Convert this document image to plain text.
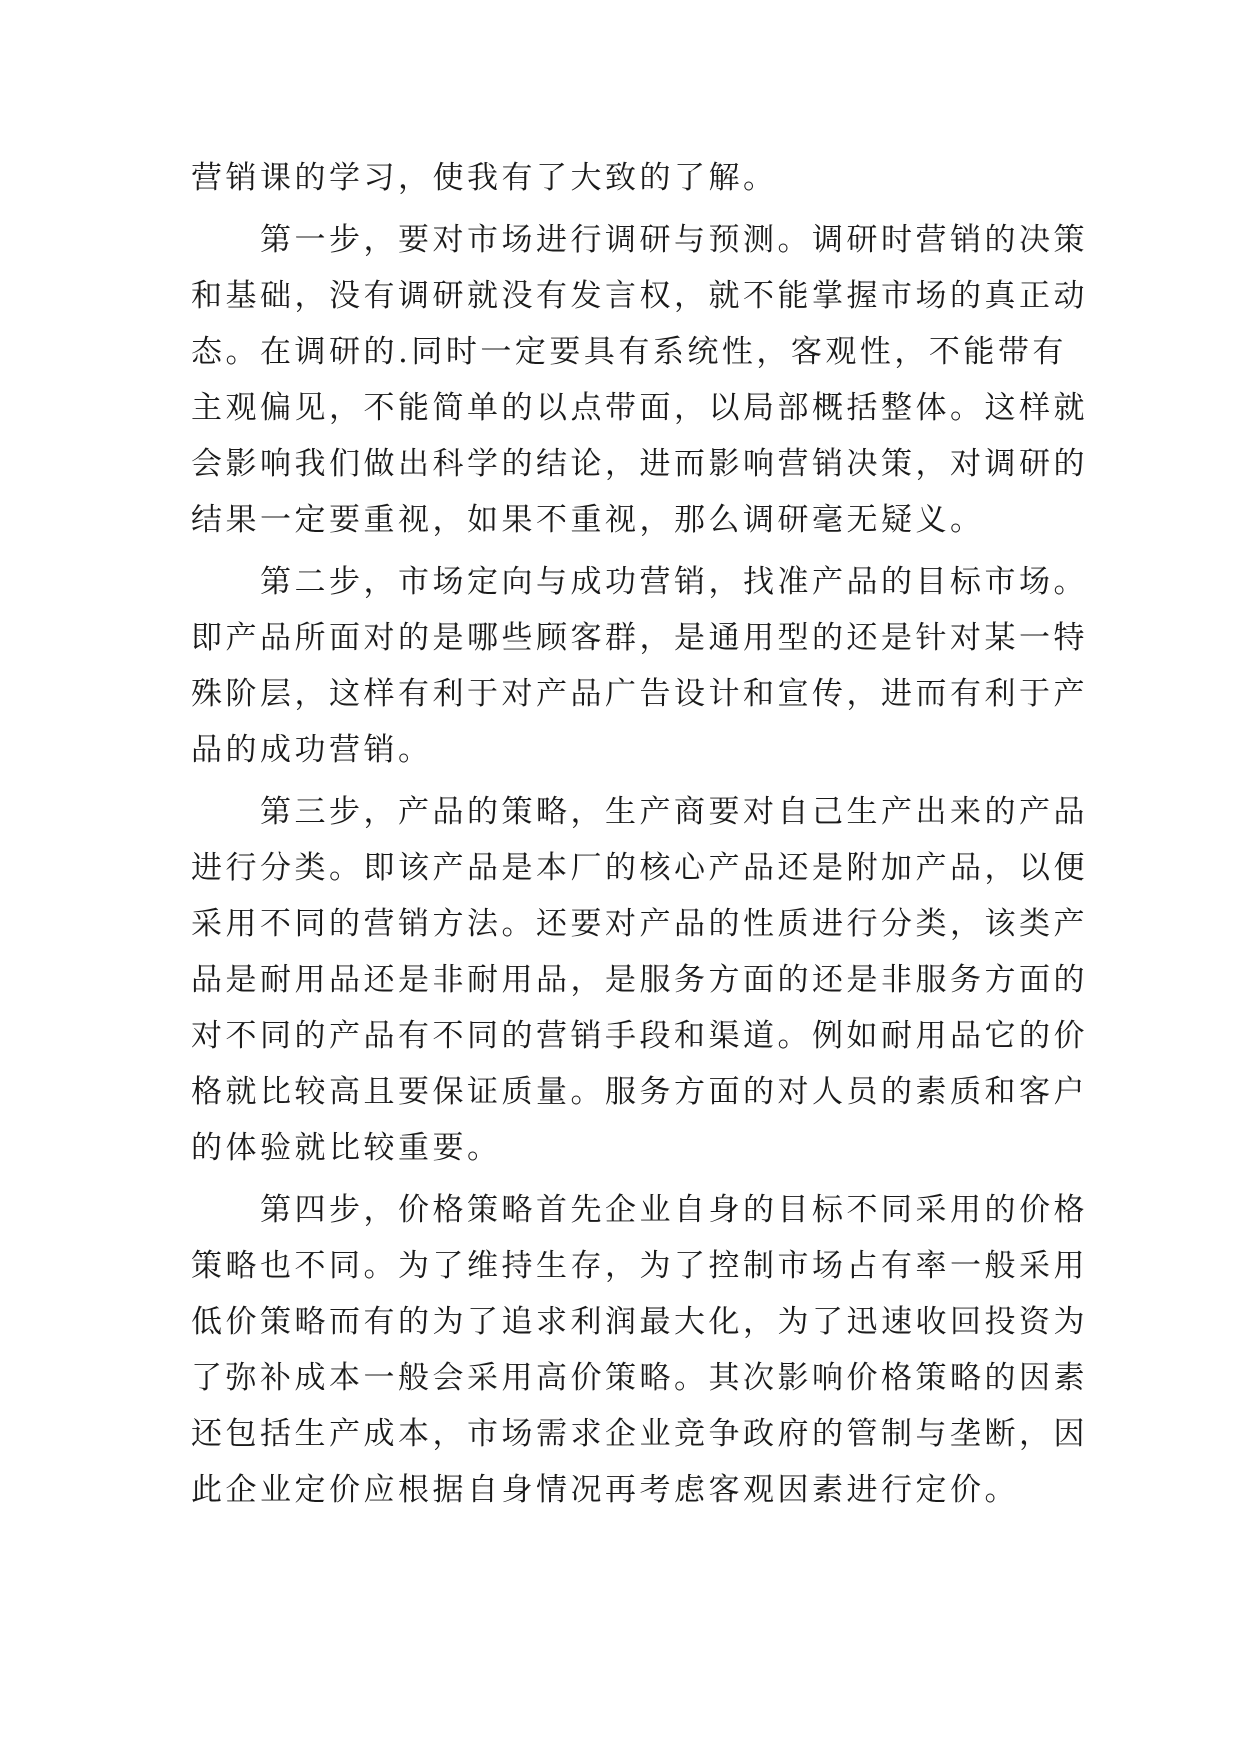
营销课的学习，使我有了大致的了解。
第一步，要对市场进行调研与预测。调研时营销的决策
和基础，没有调研就没有发言权，就不能掌握市场的真正动
态。在调研的.同时一定要具有系统性，客观性，不能带有
主观偏见，不能简单的以点带面，以局部概括整体。这样就
会影响我们做出科学的结论，进而影响营销决策，对调研的
结果一定要重视，如果不重视，那么调研毫无疑义。
第二步，市场定向与成功营销，找准产品的目标市场。
即产品所面对的是哪些顾客群，是通用型的还是针对某一特
殊阶层，这样有利于对产品广告设计和宣传，进而有利于产
品的成功营销。
第三步，产品的策略，生产商要对自己生产出来的产品
进行分类。即该产品是本厂的核心产品还是附加产品，以便
采用不同的营销方法。还要对产品的性质进行分类，该类产
品是耐用品还是非耐用品，是服务方面的还是非服务方面的
对不同的产品有不同的营销手段和渠道。例如耐用品它的价
格就比较高且要保证质量。服务方面的对人员的素质和客户
的体验就比较重要。
第四步，价格策略首先企业自身的目标不同采用的价格
策略也不同。为了维持生存，为了控制市场占有率一般采用
低价策略而有的为了追求利润最大化，为了迅速收回投资为
了弥补成本一般会采用高价策略。其次影响价格策略的因素
还包括生产成本，市场需求企业竞争政府的管制与垄断，因
此企业定价应根据自身情况再考虑客观因素进行定价。
